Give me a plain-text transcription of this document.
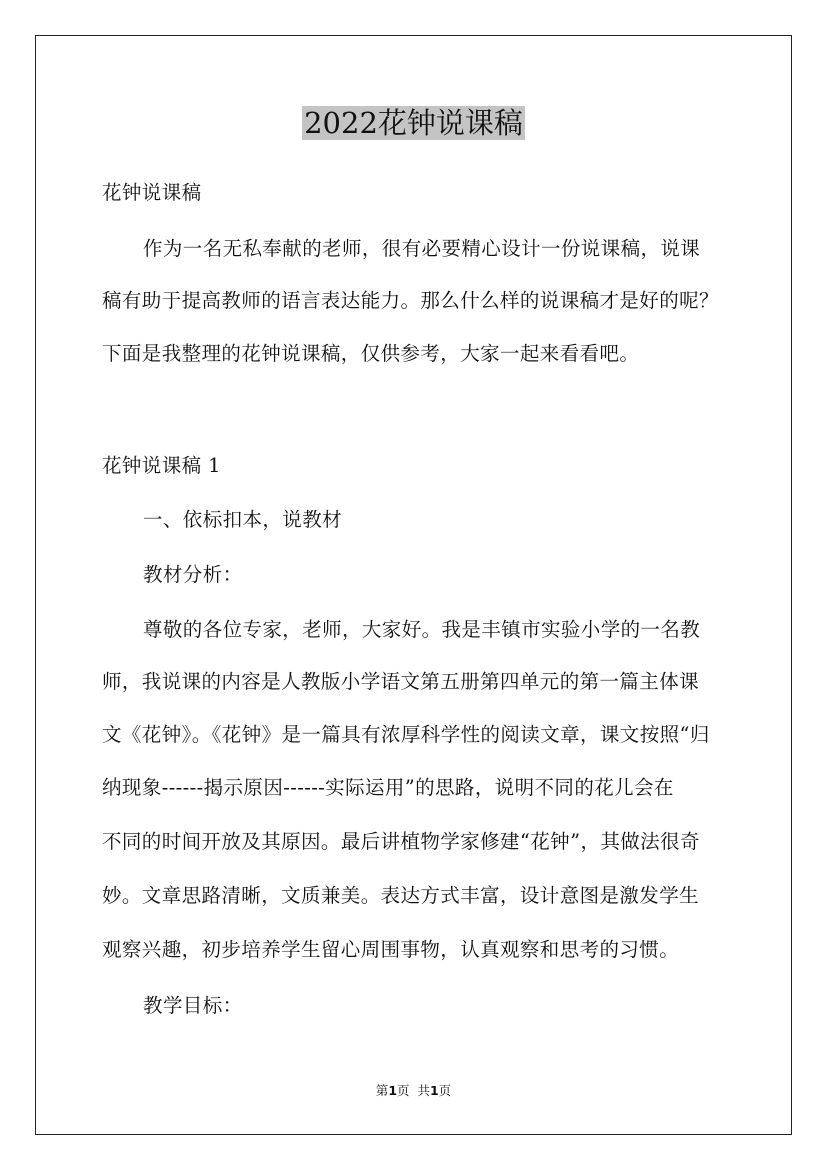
2022花钟说课稿
花钟说课稿
作为一名无私奉献的老师，很有必要精心设计一份说课稿，说课
稿有助于提高教师的语言表达能力。那么什么样的说课稿才是好的呢？
下面是我整理的花钟说课稿，仅供参考，大家一起来看看吧。
花钟说课稿 1
一、依标扣本，说教材
教材分析：
尊敬的各位专家，老师，大家好。我是丰镇市实验小学的一名教
师，我说课的内容是人教版小学语文第五册第四单元的第一篇主体课
文《花钟》。《花钟》是一篇具有浓厚科学性的阅读文章，课文按照“归
纳现象------揭示原因------实际运用”的思路，说明不同的花儿会在
不同的时间开放及其原因。最后讲植物学家修建“花钟”，其做法很奇
妙。文章思路清晰，文质兼美。表达方式丰富，设计意图是激发学生
观察兴趣，初步培养学生留心周围事物，认真观察和思考的习惯。
教学目标：
第1页  共1页
